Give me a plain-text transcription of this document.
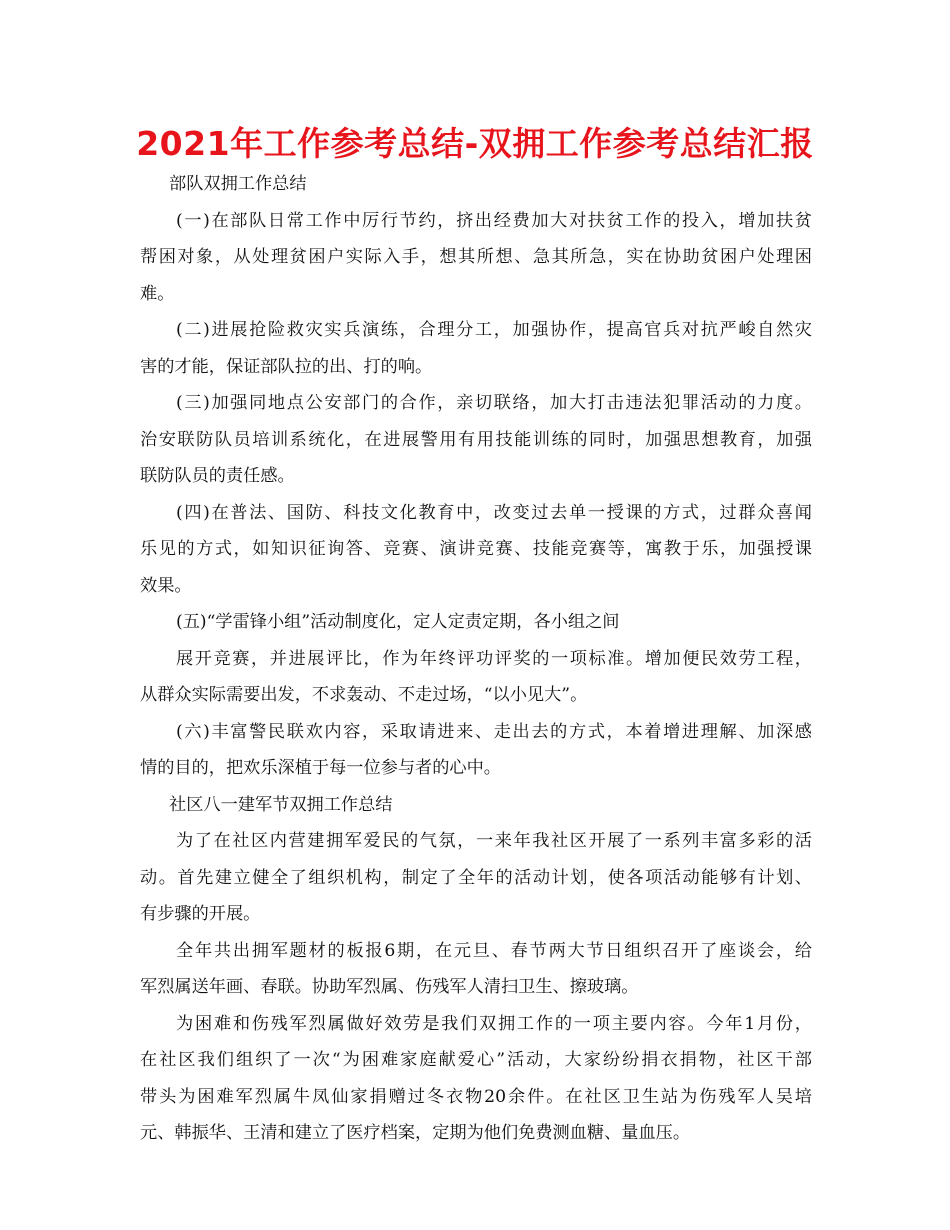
2021年工作参考总结-双拥工作参考总结汇报
部队双拥工作总结
(一)在部队日常工作中厉行节约，挤出经费加大对扶贫工作的投入，增加扶贫
帮困对象，从处理贫困户实际入手，想其所想、急其所急，实在协助贫困户处理困
难。
(二)进展抢险救灾实兵演练，合理分工，加强协作，提高官兵对抗严峻自然灾
害的才能，保证部队拉的出、打的响。
(三)加强同地点公安部门的合作，亲切联络，加大打击违法犯罪活动的力度。
治安联防队员培训系统化，在进展警用有用技能训练的同时，加强思想教育，加强
联防队员的责任感。
(四)在普法、国防、科技文化教育中，改变过去单一授课的方式，过群众喜闻
乐见的方式，如知识征询答、竞赛、演讲竞赛、技能竞赛等，寓教于乐，加强授课
效果。
(五)“学雷锋小组”活动制度化，定人定责定期，各小组之间
展开竞赛，并进展评比，作为年终评功评奖的一项标准。增加便民效劳工程，
从群众实际需要出发，不求轰动、不走过场，“以小见大”。
(六)丰富警民联欢内容，采取请进来、走出去的方式，本着增进理解、加深感
情的目的，把欢乐深植于每一位参与者的心中。
社区八一建军节双拥工作总结
为了在社区内营建拥军爱民的气氛，一来年我社区开展了一系列丰富多彩的活
动。首先建立健全了组织机构，制定了全年的活动计划，使各项活动能够有计划、
有步骤的开展。
全年共出拥军题材的板报6期，在元旦、春节两大节日组织召开了座谈会，给
军烈属送年画、春联。协助军烈属、伤残军人清扫卫生、擦玻璃。
为困难和伤残军烈属做好效劳是我们双拥工作的一项主要内容。今年1月份，
在社区我们组织了一次“为困难家庭献爱心”活动，大家纷纷捐衣捐物，社区干部
带头为困难军烈属牛凤仙家捐赠过冬衣物20余件。在社区卫生站为伤残军人吴培
元、韩振华、王清和建立了医疗档案，定期为他们免费测血糖、量血压。
